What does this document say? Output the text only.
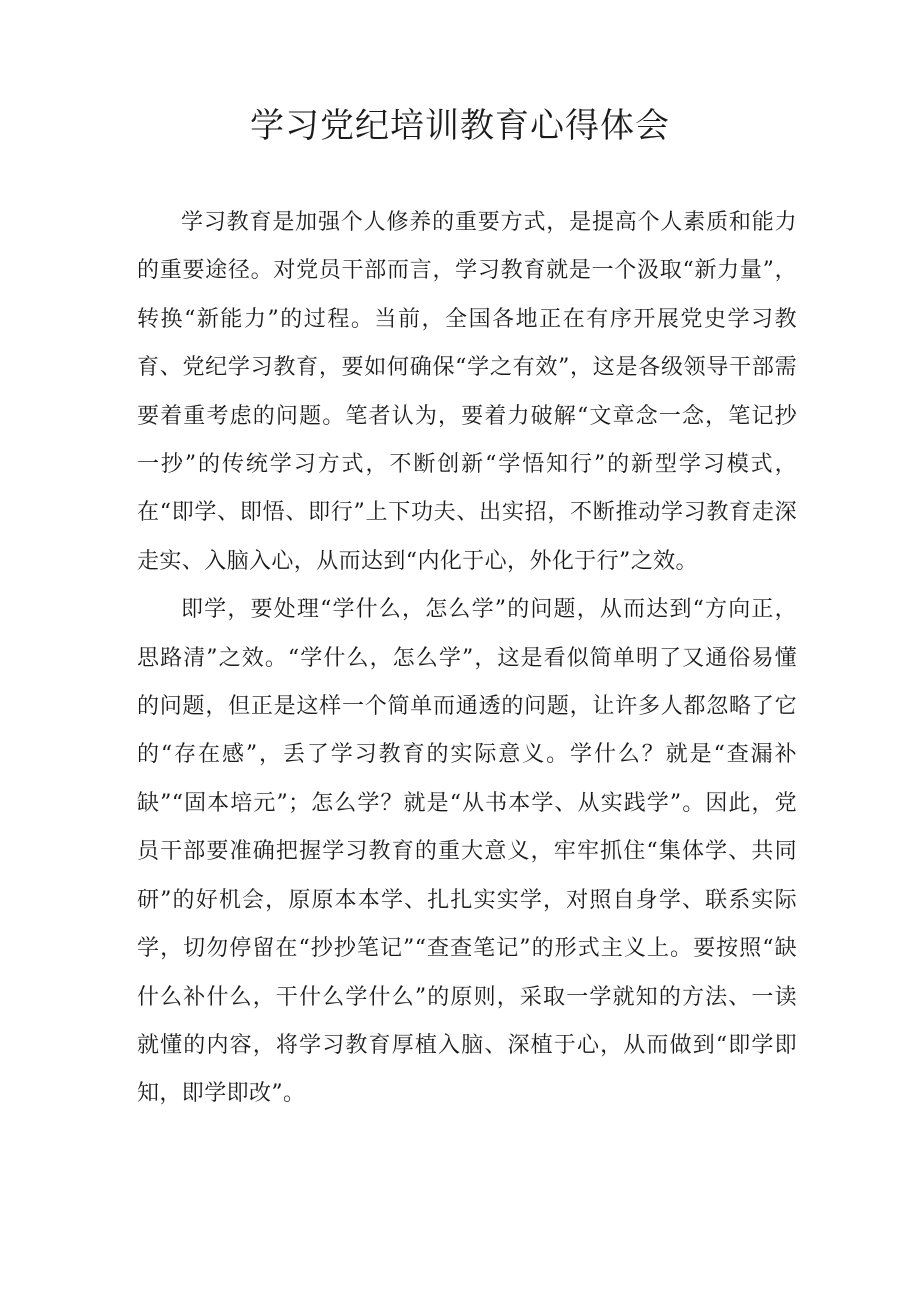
学习党纪培训教育心得体会

学习教育是加强个人修养的重要方式，是提高个人素质和能力的重要途径。对党员干部而言，学习教育就是一个汲取“新力量”，转换“新能力”的过程。当前，全国各地正在有序开展党史学习教育、党纪学习教育，要如何确保“学之有效”，这是各级领导干部需要着重考虑的问题。笔者认为，要着力破解“文章念一念，笔记抄一抄”的传统学习方式，不断创新“学悟知行”的新型学习模式，在“即学、即悟、即行”上下功夫、出实招，不断推动学习教育走深走实、入脑入心，从而达到“内化于心，外化于行”之效。

即学，要处理“学什么，怎么学”的问题，从而达到“方向正，思路清”之效。“学什么，怎么学”，这是看似简单明了又通俗易懂的问题，但正是这样一个简单而通透的问题，让许多人都忽略了它的“存在感”，丢了学习教育的实际意义。学什么？就是“查漏补缺”“固本培元”；怎么学？就是“从书本学、从实践学”。因此，党员干部要准确把握学习教育的重大意义，牢牢抓住“集体学、共同研”的好机会，原原本本学、扎扎实实学，对照自身学、联系实际学，切勿停留在“抄抄笔记”“查查笔记”的形式主义上。要按照“缺什么补什么，干什么学什么”的原则，采取一学就知的方法、一读就懂的内容，将学习教育厚植入脑、深植于心，从而做到“即学即知，即学即改”。
